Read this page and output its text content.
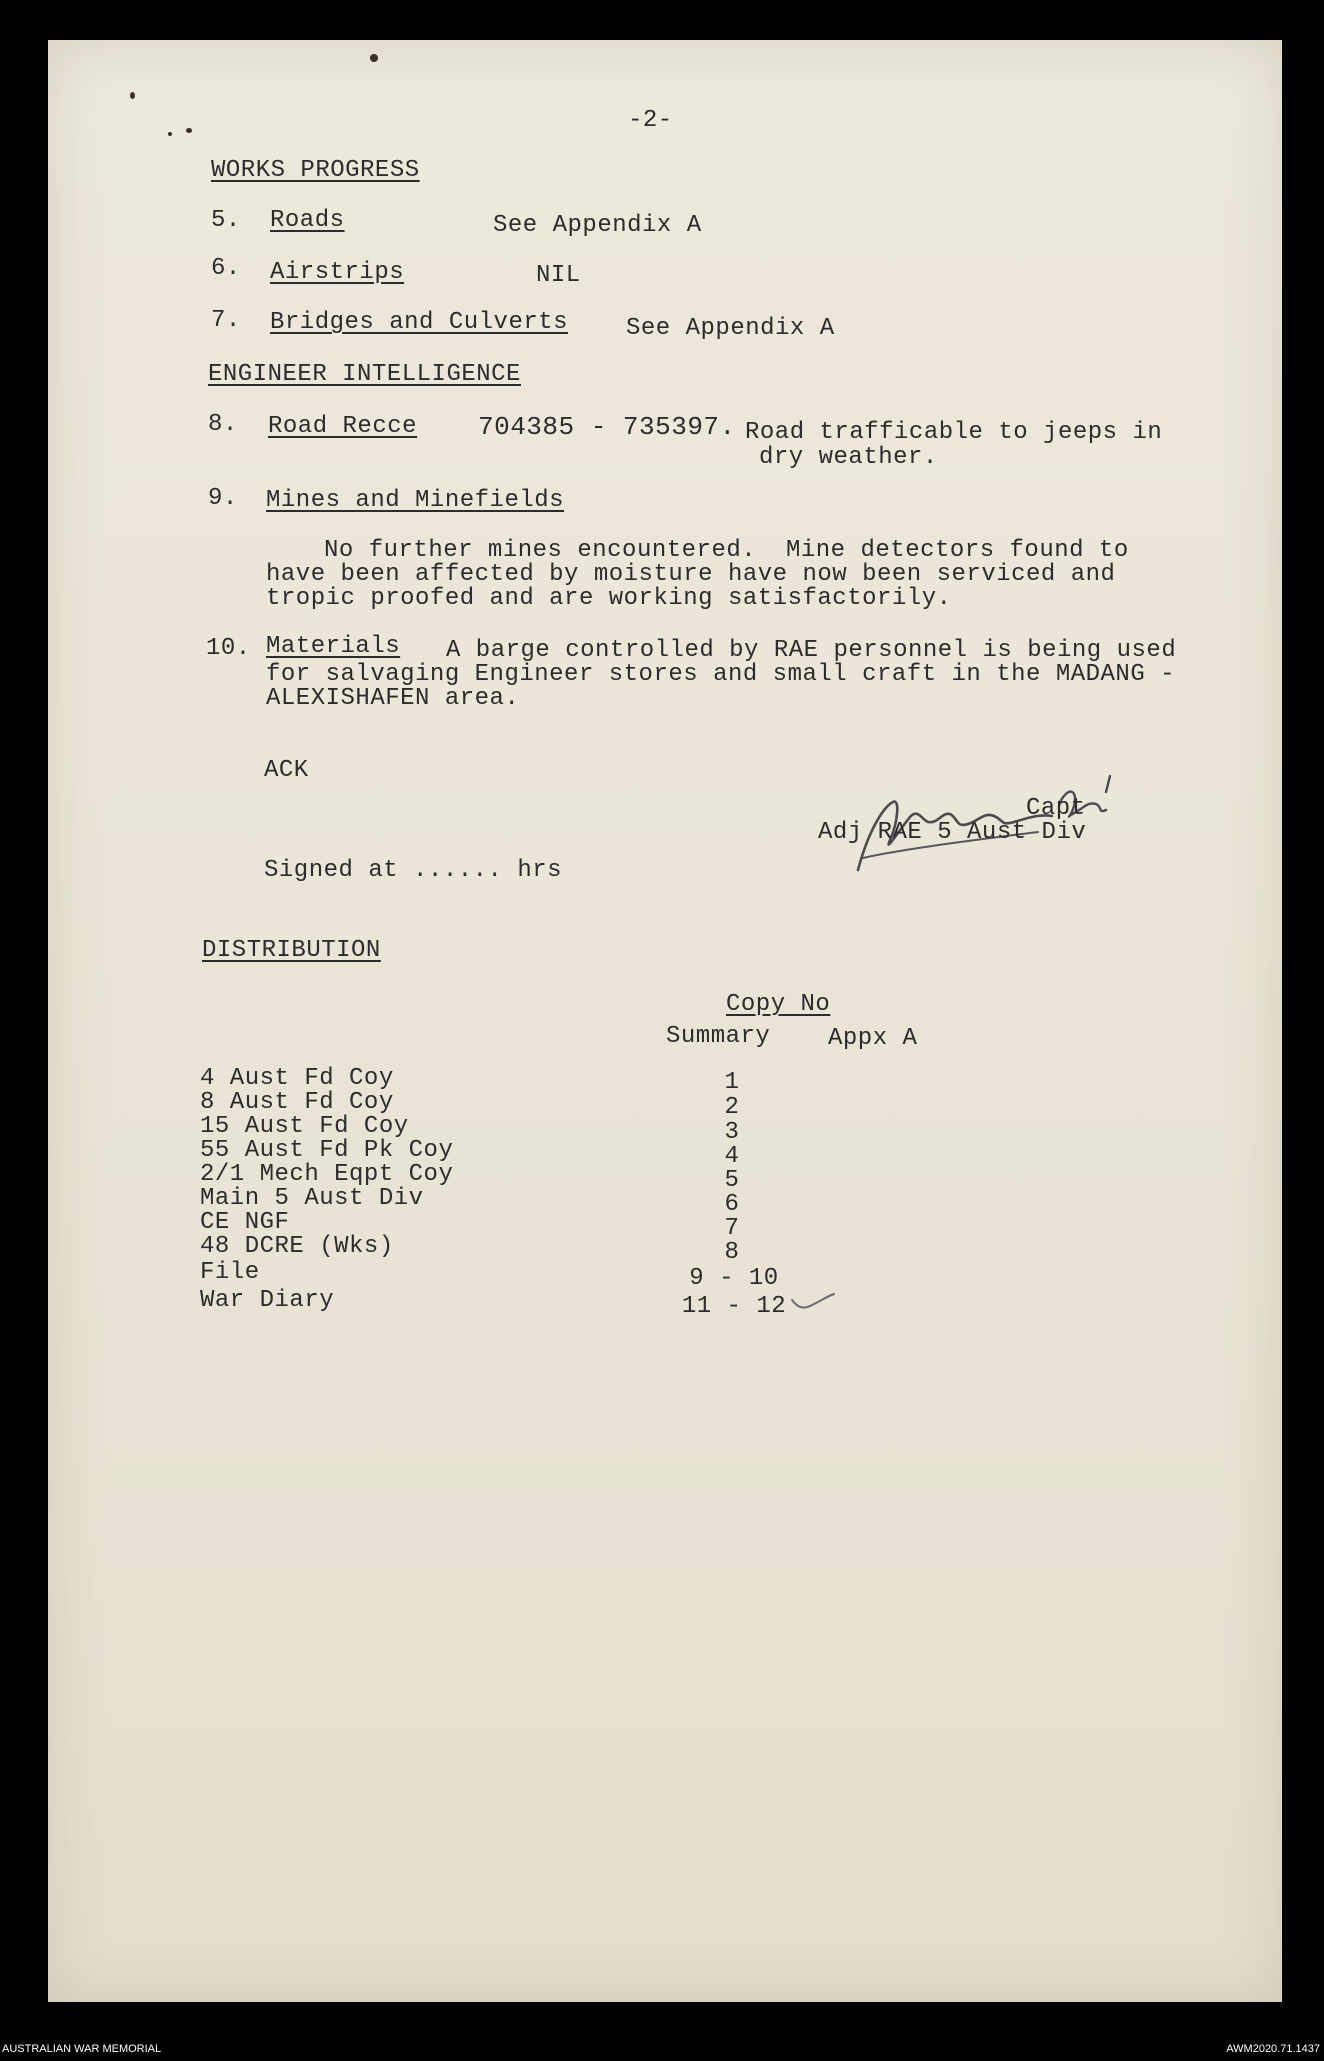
-2-
WORKS PROGRESS
5. Roads	See Appendix A
6. Airstrips	NIL
7. Bridges and Culverts See Appendix A
ENGINEER INTELLIGENCE
8. Road Recce 704385 - 735397. Road trafficable to jeeps in
dry weather.
9. Mines and Minefields
No further mines encountered.  Mine detectors found to
have been affected by moisture have now been serviced and
tropic proofed and are working satisfactorily.
10. Materials A barge controlled by RAE personnel is being used
for salvaging Engineer stores and small craft in the MADANG -
ALEXISHAFEN area.
ACK
Capt
Adj RAE 5 Aust Div
Signed at ...... hrs
DISTRIBUTION
Copy No
Summary Appx A
4 Aust Fd Coy	1
8 Aust Fd Coy	2
15 Aust Fd Coy	3
55 Aust Fd Pk Coy	4
2/1 Mech Eqpt Coy	5
Main 5 Aust Div	6
CE NGF	7
48 DCRE (Wks)	8
File	9 - 10
War Diary	11 - 12
AUSTRALIAN WAR MEMORIAL	AWM2020.71.1437
